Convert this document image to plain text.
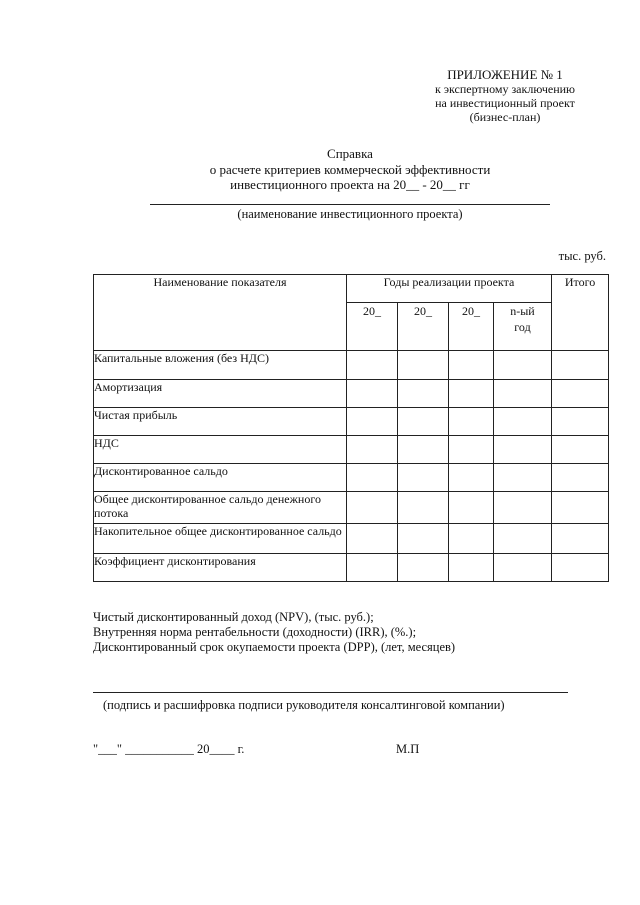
ПРИЛОЖЕНИЕ № 1
к экспертному заключению
на инвестиционный проект
(бизнес-план)
Справка
о расчете критериев коммерческой эффективности
инвестиционного проекта на 20__ - 20__ гг
(наименование инвестиционного проекта)
тыс. руб.
Наименование показателя	Годы реализации проекта				Итого
	20_	20_	20_	n-ый
год	

Капитальные вложения (без НДС)					
Амортизация					
Чистая прибыль					
НДС					
Дисконтированное сальдо					
Общее дисконтированное сальдо денежного потока					
Накопительное общее дисконтированное сальдо					
Коэффициент дисконтирования					
Чистый дисконтированный доход (NPV), (тыс. руб.);
Внутренняя норма рентабельности (доходности) (IRR), (%.);
Дисконтированный срок окупаемости проекта (DPP), (лет, месяцев)
(подпись и расшифровка подписи руководителя консалтинговой компании)
"___" ___________ 20____ г.	М.П
